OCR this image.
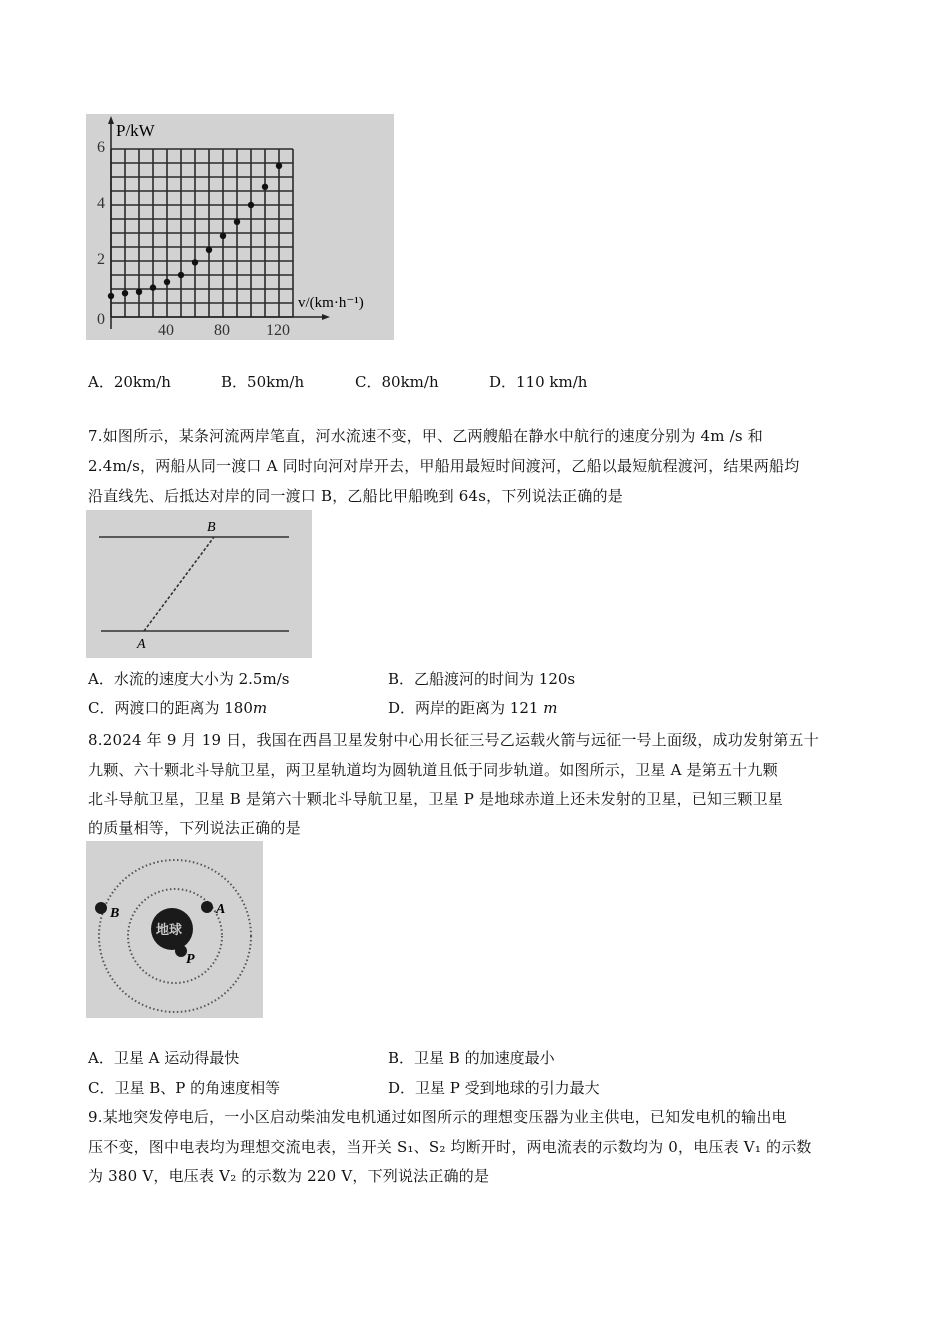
P/kW
v/(km·h⁻¹)
0
2
4
6
40	80 120
A．20km/h	B．50km/h	C．80km/h	D．110 km/h
7.如图所示，某条河流两岸笔直，河水流速不变，甲、乙两艘船在静水中航行的速度分别为 4m /s 和
2.4m/s，两船从同一渡口 A 同时向河对岸开去，甲船用最短时间渡河，乙船以最短航程渡河，结果两船均
沿直线先、后抵达对岸的同一渡口 B，乙船比甲船晚到 64s，下列说法正确的是
B
A
A．水流的速度大小为 2.5m/s	B．乙船渡河的时间为 120s
C．两渡口的距离为 180m	D．两岸的距离为 121 m
8.2024 年 9 月 19 日，我国在西昌卫星发射中心用长征三号乙运载火箭与远征一号上面级，成功发射第五十
九颗、六十颗北斗导航卫星，两卫星轨道均为圆轨道且低于同步轨道。如图所示，卫星 A 是第五十九颗
北斗导航卫星，卫星 B 是第六十颗北斗导航卫星，卫星 P 是地球赤道上还未发射的卫星，已知三颗卫星
的质量相等，下列说法正确的是
地球
B	A
P
A．卫星 A 运动得最快	B．卫星 B 的加速度最小
C．卫星 B、P 的角速度相等	D．卫星 P 受到地球的引力最大
9.某地突发停电后，一小区启动柴油发电机通过如图所示的理想变压器为业主供电，已知发电机的输出电
压不变，图中电表均为理想交流电表，当开关 S₁、S₂ 均断开时，两电流表的示数均为 0，电压表 V₁ 的示数
为 380 V，电压表 V₂ 的示数为 220 V，下列说法正确的是
